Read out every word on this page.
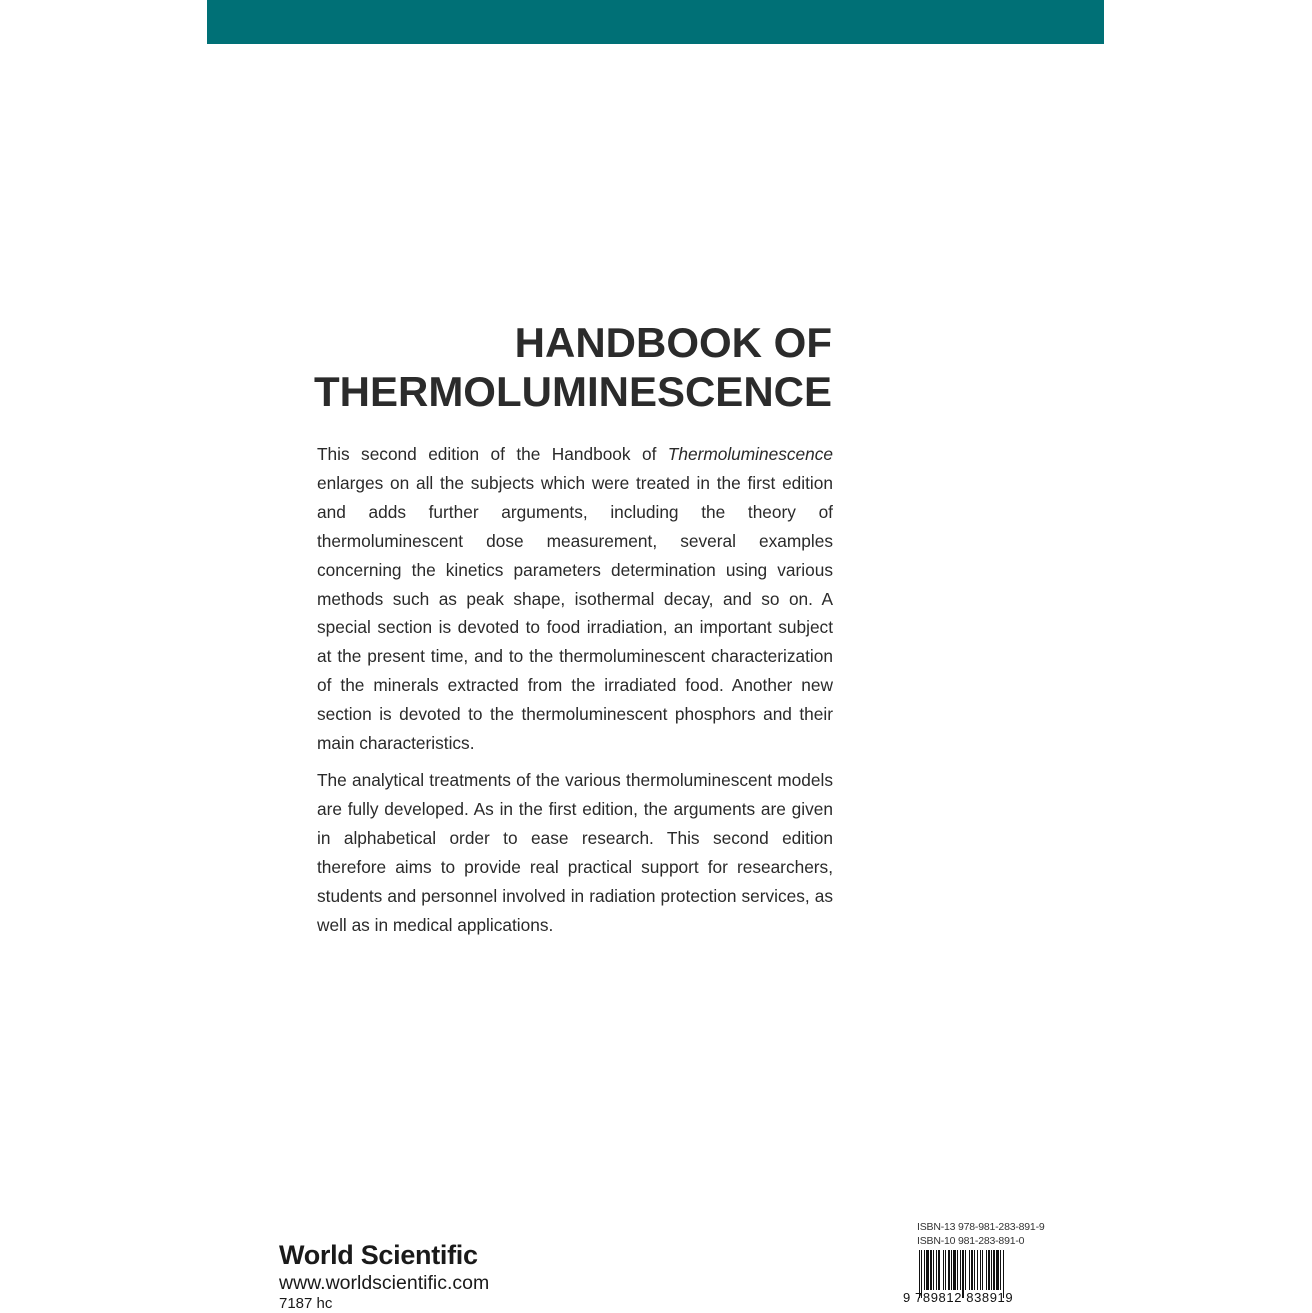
HANDBOOK OF
THERMOLUMINESCENCE

This second edition of the Handbook of Thermoluminescence enlarges on all the subjects which were treated in the first edition and adds further arguments, including the theory of thermoluminescent dose measurement, several examples concerning the kinetics parameters determination using various methods such as peak shape, isothermal decay, and so on. A special section is devoted to food irradiation, an important subject at the present time, and to the thermoluminescent characterization of the minerals extracted from the irradiated food. Another new section is devoted to the thermoluminescent phosphors and their main characteristics.

The analytical treatments of the various thermoluminescent models are fully developed. As in the first edition, the arguments are given in alphabetical order to ease research. This second edition therefore aims to provide real practical support for researchers, students and personnel involved in radiation protection services, as well as in medical applications.

World Scientific
www.worldscientific.com
7187 hc
ISBN-13 978-981-283-891-9
ISBN-10 981-283-891-0
9 789812 838919
